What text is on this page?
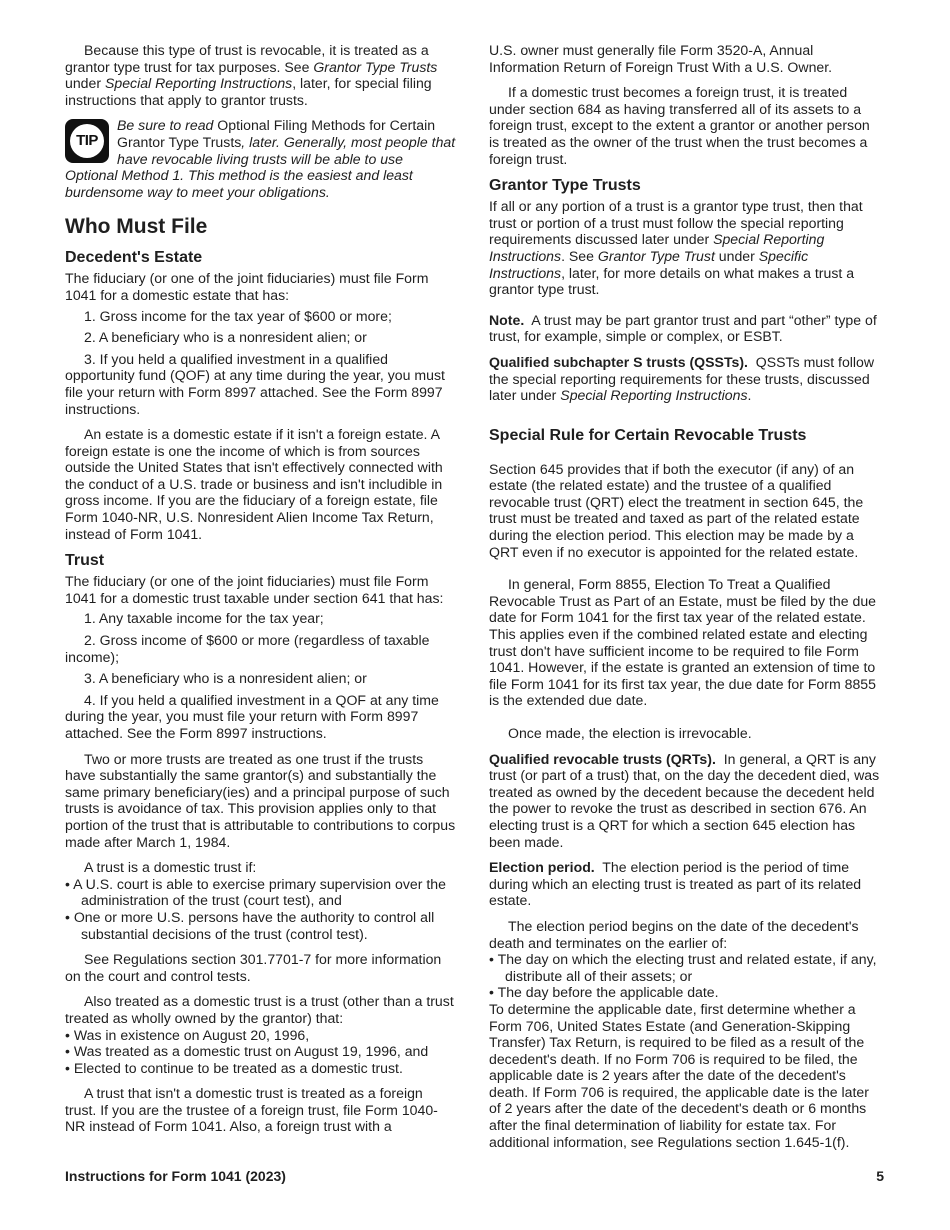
Because this type of trust is revocable, it is treated as a grantor type trust for tax purposes. See Grantor Type Trusts under Special Reporting Instructions, later, for special filing instructions that apply to grantor trusts.

TIP
Be sure to read Optional Filing Methods for Certain Grantor Type Trusts, later. Generally, most people that have revocable living trusts will be able to use
Optional Method 1. This method is the easiest and least burdensome way to meet your obligations.
Who Must File
Decedent's Estate

The fiduciary (or one of the joint fiduciaries) must file Form 1041 for a domestic estate that has:

1. Gross income for the tax year of $600 or more;

2. A beneficiary who is a nonresident alien; or

3. If you held a qualified investment in a qualified opportunity fund (QOF) at any time during the year, you must file your return with Form 8997 attached. See the Form 8997 instructions.

An estate is a domestic estate if it isn't a foreign estate. A foreign estate is one the income of which is from sources outside the United States that isn't effectively connected with the conduct of a U.S. trade or business and isn't includible in gross income. If you are the fiduciary of a foreign estate, file Form 1040-NR, U.S. Nonresident Alien Income Tax Return, instead of Form 1041.

Trust

The fiduciary (or one of the joint fiduciaries) must file Form 1041 for a domestic trust taxable under section 641 that has:

1. Any taxable income for the tax year;

2. Gross income of $600 or more (regardless of taxable income);

3. A beneficiary who is a nonresident alien; or

4. If you held a qualified investment in a QOF at any time during the year, you must file your return with Form 8997 attached. See the Form 8997 instructions.

Two or more trusts are treated as one trust if the trusts have substantially the same grantor(s) and substantially the same primary beneficiary(ies) and a principal purpose of such trusts is avoidance of tax. This provision applies only to that portion of the trust that is attributable to contributions to corpus made after March 1, 1984.

A trust is a domestic trust if:

• A U.S. court is able to exercise primary supervision over the administration of the trust (court test), and

• One or more U.S. persons have the authority to control all substantial decisions of the trust (control test).

See Regulations section 301.7701-7 for more information on the court and control tests.

Also treated as a domestic trust is a trust (other than a trust treated as wholly owned by the grantor) that:

• Was in existence on August 20, 1996,

• Was treated as a domestic trust on August 19, 1996, and

• Elected to continue to be treated as a domestic trust.

A trust that isn't a domestic trust is treated as a foreign trust. If you are the trustee of a foreign trust, file Form 1040-NR instead of Form 1041. Also, a foreign trust with a

U.S. owner must generally file Form 3520-A, Annual Information Return of Foreign Trust With a U.S. Owner.

If a domestic trust becomes a foreign trust, it is treated under section 684 as having transferred all of its assets to a foreign trust, except to the extent a grantor or another person is treated as the owner of the trust when the trust becomes a foreign trust.

Grantor Type Trusts

If all or any portion of a trust is a grantor type trust, then that trust or portion of a trust must follow the special reporting requirements discussed later under Special Reporting Instructions. See Grantor Type Trust under Specific Instructions, later, for more details on what makes a trust a grantor type trust.

Note. A trust may be part grantor trust and part “other” type of trust, for example, simple or complex, or ESBT.

Qualified subchapter S trusts (QSSTs). QSSTs must follow the special reporting requirements for these trusts, discussed later under Special Reporting Instructions.

Special Rule for Certain Revocable Trusts

Section 645 provides that if both the executor (if any) of an estate (the related estate) and the trustee of a qualified revocable trust (QRT) elect the treatment in section 645, the trust must be treated and taxed as part of the related estate during the election period. This election may be made by a QRT even if no executor is appointed for the related estate.

In general, Form 8855, Election To Treat a Qualified Revocable Trust as Part of an Estate, must be filed by the due date for Form 1041 for the first tax year of the related estate. This applies even if the combined related estate and electing trust don't have sufficient income to be required to file Form 1041. However, if the estate is granted an extension of time to file Form 1041 for its first tax year, the due date for Form 8855 is the extended due date.

Once made, the election is irrevocable.

Qualified revocable trusts (QRTs). In general, a QRT is any trust (or part of a trust) that, on the day the decedent died, was treated as owned by the decedent because the decedent held the power to revoke the trust as described in section 676. An electing trust is a QRT for which a section 645 election has been made.

Election period. The election period is the period of time during which an electing trust is treated as part of its related estate.

The election period begins on the date of the decedent's death and terminates on the earlier of:

• The day on which the electing trust and related estate, if any, distribute all of their assets; or

• The day before the applicable date.

To determine the applicable date, first determine whether a Form 706, United States Estate (and Generation-Skipping Transfer) Tax Return, is required to be filed as a result of the decedent's death. If no Form 706 is required to be filed, the applicable date is 2 years after the date of the decedent's death. If Form 706 is required, the applicable date is the later of 2 years after the date of the decedent's death or 6 months after the final determination of liability for estate tax. For additional information, see Regulations section 1.645-1(f).

Instructions for Form 1041 (2023)	5
